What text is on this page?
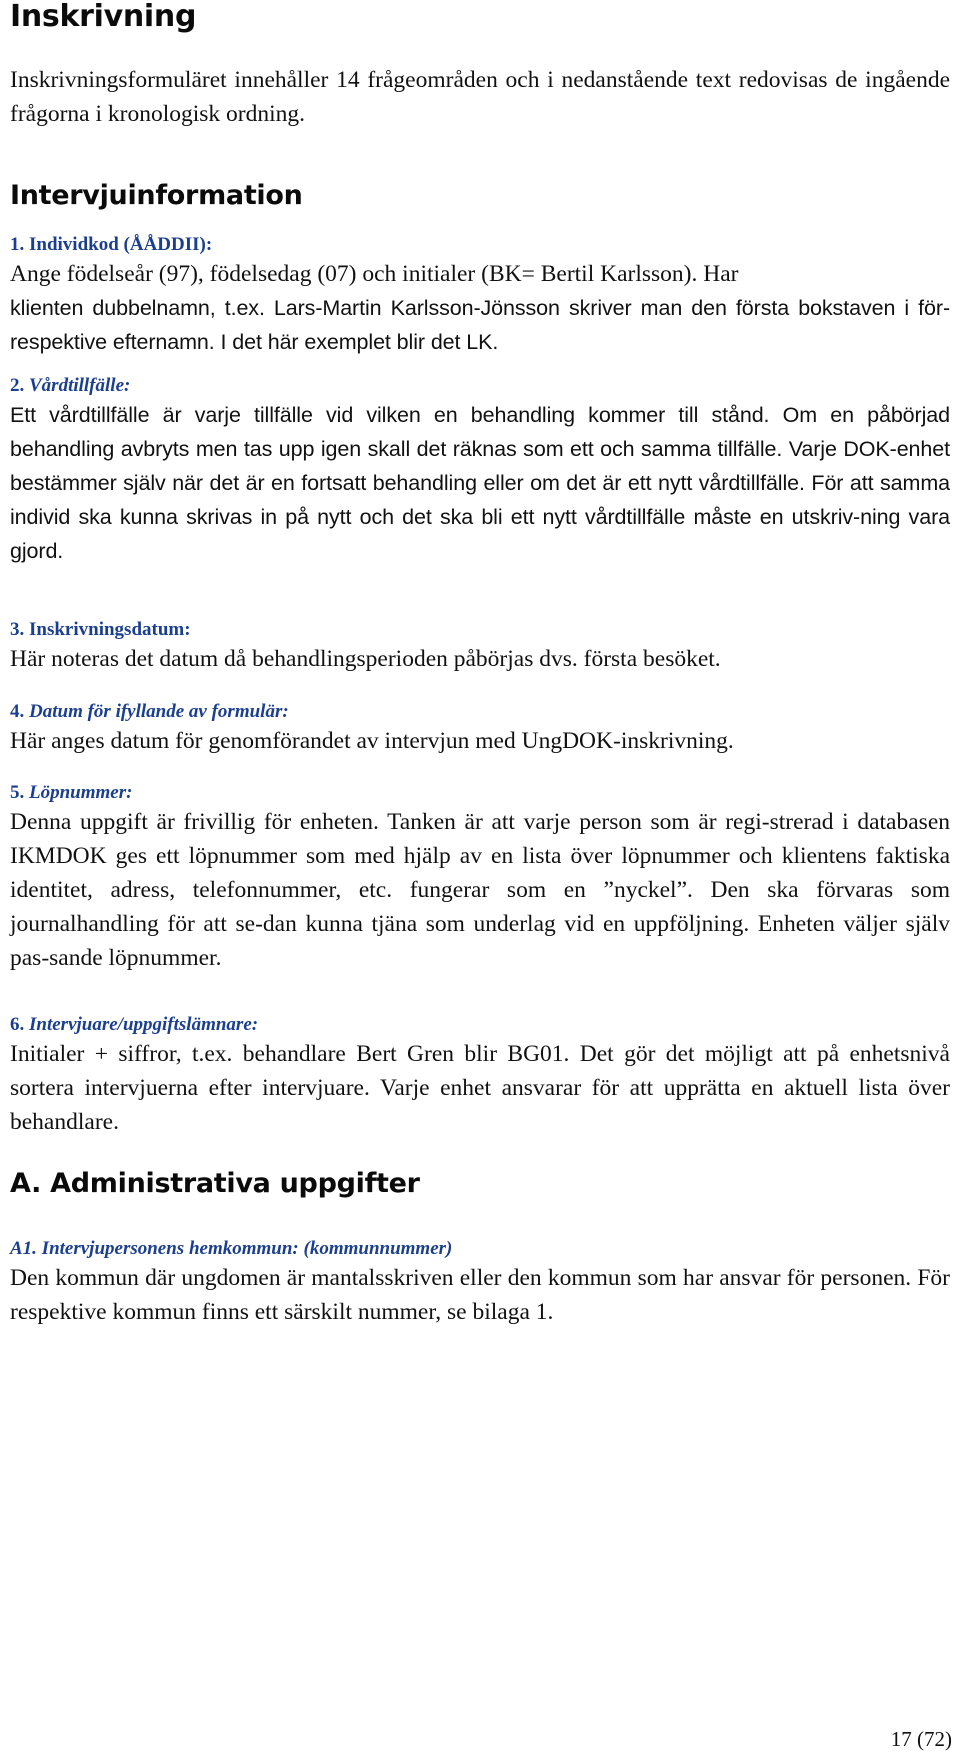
Inskrivning

Inskrivningsformuläret innehåller 14 frågeområden och i nedanstående text redovisas de ingående frågorna i kronologisk ordning.

Intervjuinformation
1. Individkod (ÅÅDDII):

Ange födelseår (97), födelsedag (07) och initialer (BK= Bertil Karlsson). Har

klienten dubbelnamn, t.ex. Lars-Martin Karlsson-Jönsson skriver man den första bokstaven i för- respektive efternamn. I det här exemplet blir det LK.

2. Vårdtillfälle:

Ett vårdtillfälle är varje tillfälle vid vilken en behandling kommer till stånd. Om en påbörjad behandling avbryts men tas upp igen skall det räknas som ett och samma tillfälle. Varje DOK-enhet bestämmer själv när det är en fortsatt behandling eller om det är ett nytt vårdtillfälle. För att samma individ ska kunna skrivas in på nytt och det ska bli ett nytt vårdtillfälle måste en utskriv-ning vara gjord.

3. Inskrivningsdatum:

Här noteras det datum då behandlingsperioden påbörjas dvs. första besöket.

4. Datum för ifyllande av formulär:

Här anges datum för genomförandet av intervjun med UngDOK-inskrivning.

5. Löpnummer:

Denna uppgift är frivillig för enheten. Tanken är att varje person som är regi-strerad i databasen IKMDOK ges ett löpnummer som med hjälp av en lista över löpnummer och klientens faktiska identitet, adress, telefonnummer, etc. fungerar som en ”nyckel”. Den ska förvaras som journalhandling för att se-dan kunna tjäna som underlag vid en uppföljning. Enheten väljer själv pas-sande löpnummer.

6. Intervjuare/uppgiftslämnare:

Initialer + siffror, t.ex. behandlare Bert Gren blir BG01. Det gör det möjligt att på enhetsnivå sortera intervjuerna efter intervjuare. Varje enhet ansvarar för att upprätta en aktuell lista över behandlare.

A. Administrativa uppgifter
A1. Intervjupersonens hemkommun: (kommunnummer)

Den kommun där ungdomen är mantalsskriven eller den kommun som har ansvar för personen. För respektive kommun finns ett särskilt nummer, se bilaga 1.

17 (72)
